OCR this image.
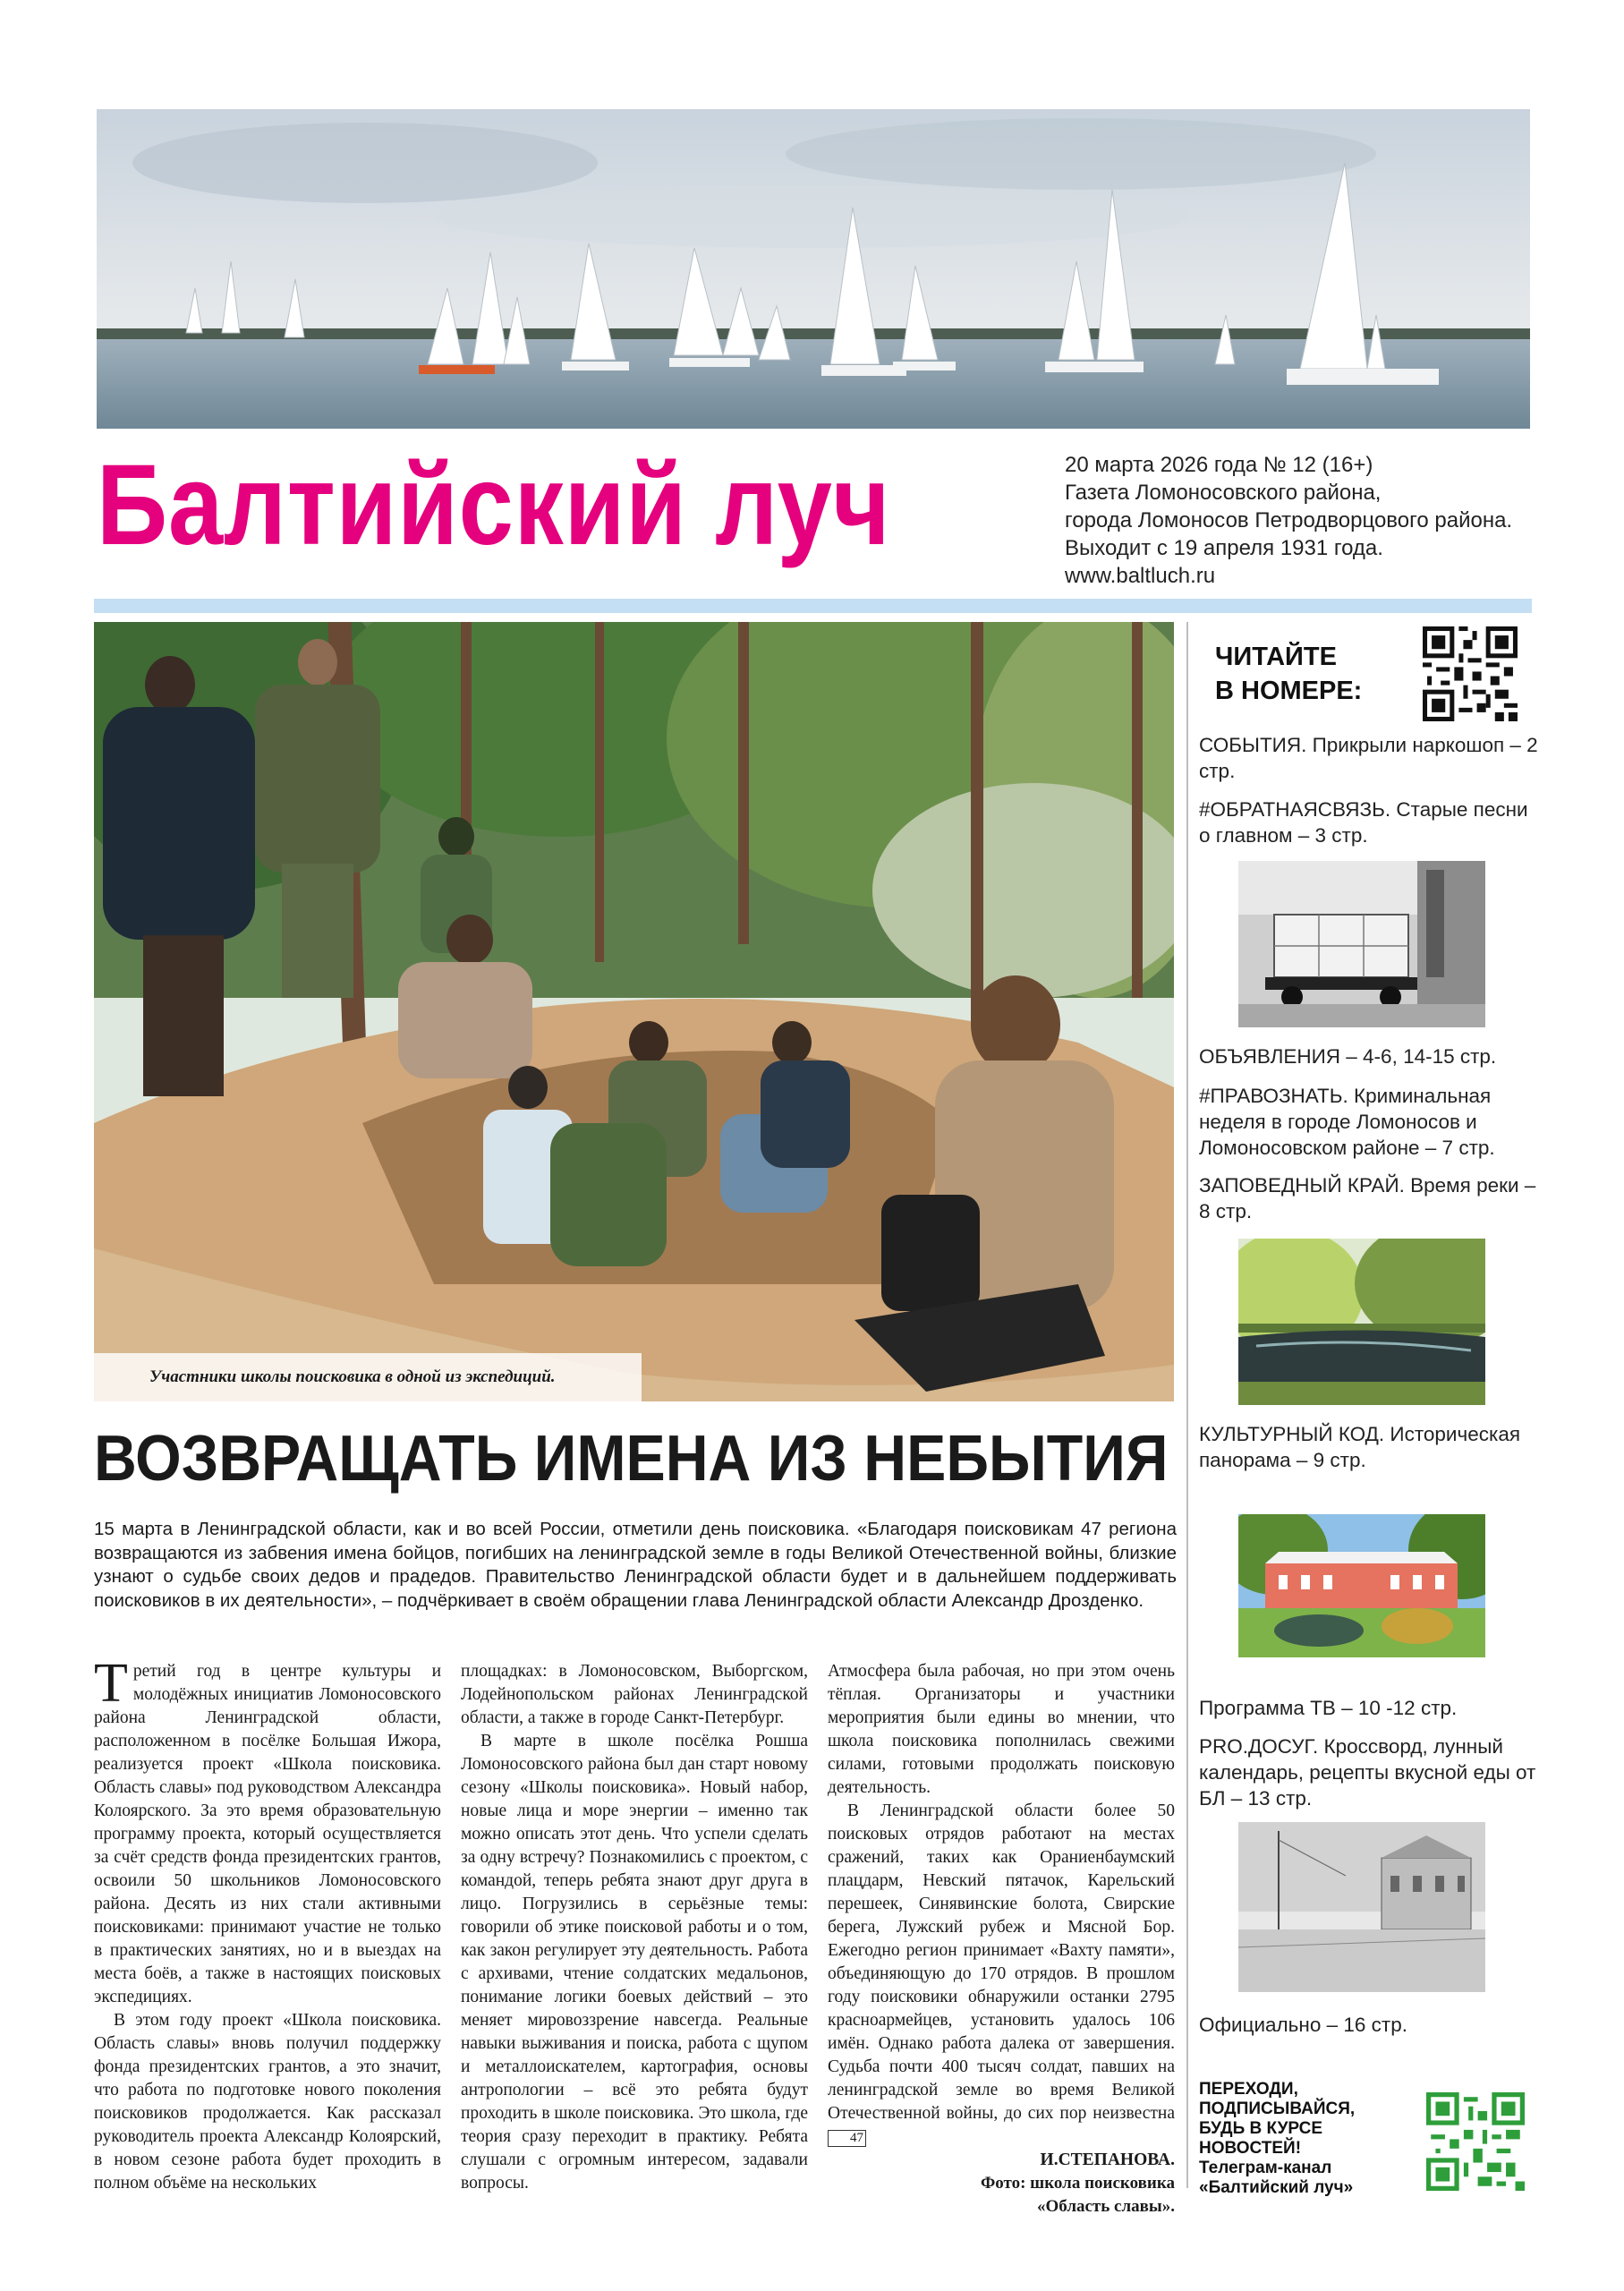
Балтийский луч	20 марта 2026 года № 12 (16+)
Газета Ломоносовского района,
города Ломоносов Петродворцового района.
Выходит с 19 апреля 1931 года. www.baltluch.ru
Участники школы поисковика в одной из экспедиций.
ВОЗВРАЩАТЬ ИМЕНА ИЗ НЕБЫТИЯ
15 марта в Ленинградской области, как и во всей России, отметили день поисковика. «Благодаря поисковикам 47 регионa возвращаются из забвения имена бойцов, погибших на ленинградской земле в годы Великой Отечественной войны, близкие узнают о судьбе своих дедов и прадедов. Правительство Ленинградской области будет и в дальнейшем поддерживать поисковиков в их деятельности», – подчёркивает в своём обращении глава Ленинградской области Александр Дрозденко.

Третий год в центре культуры и молодёжных инициатив Ломоносовского района Ленинградской области, расположенном в посёлке Большая Ижора, реализуется проект «Школа поисковика. Область славы» под руководством Александра Колоярского. За это время образовательную программу проекта, который осуществляется за счёт средств фонда президентских грантов, освоили 50 школьников Ломоносовского района. Десять из них стали активными поисковиками: принимают участие не только в практических занятиях, но и в выездах на места боёв, а также в настоящих поисковых экспедициях.

В этом году проект «Школа поисковика. Область славы» вновь получил поддержку фонда президентских грантов, а это значит, что работа по подготовке нового поколения поисковиков продолжается. Как рассказал руководитель проекта Александр Колоярский, в новом сезоне работа будет проходить в полном объёме на нескольких

площадках: в Ломоносовском, Выборгском, Лодейнопольском районах Ленинградской области, а также в городе Санкт-Петербург.

В марте в школе посёлка Рошша Ломоносовского района был дан старт новому сезону «Школы поисковика». Новый набор, новые лица и море энергии – именно так можно описать этот день. Что успели сделать за одну встречу? Познакомились с проектом, с командой, теперь ребята знают друг друга в лицо. Погрузились в серьёзные темы: говорили об этике поисковой работы и о том, как закон регулирует эту деятельность. Работа с архивами, чтение солдатских медальонов, понимание логики боевых действий – это меняет мировоззрение навсегда. Реальные навыки выживания и поиска, работа с щупом и металлоискателем, картография, основы антропологии – всё это ребята будут проходить в школе поисковика. Это школа, где теория сразу переходит в практику. Ребята слушали с огромным интересом, задавали вопросы.

Атмосфера была рабочая, но при этом очень тёплая. Организаторы и участники мероприятия были едины во мнении, что школа поисковика пополнилась свежими силами, готовыми продолжать поисковую деятельность.

В Ленинградской области более 50 поисковых отрядов работают на местах сражений, таких как Ораниенбаумский плацдарм, Невский пятачок, Карельский перешеек, Синявинские болота, Свирские берега, Лужский рубеж и Мясной Бор. Ежегодно регион принимает «Вахту памяти», объединяющую до 170 отрядов. В прошлом году поисковики обнаружили останки 2795 красноармейцев, установить удалось 106 имён. Однако работа далека от завершения. Судьба почти 400 тысяч солдат, павших на ленинградской земле во время Великой Отечественной войны, до сих пор неизвестна 47

И.СТЕПАНОВА.

Фото: школа поисковика

«Область славы».

ЧИТАЙТЕ
В НОМЕРЕ:
СОБЫТИЯ. Прикрыли наркошоп – 2 стр.
#ОБРАТНАЯСВЯЗЬ. Старые песни о главном – 3 стр.
ОБЪЯВЛЕНИЯ – 4-6, 14-15 стр.
#ПРАВОЗНАТЬ. Криминальная неделя в городе Ломоносов и Ломоносовском районе – 7 стр.
ЗАПОВЕДНЫЙ КРАЙ. Время реки – 8 стр.
КУЛЬТУРНЫЙ КОД. Историческая панорама – 9 стр.
Программа ТВ – 10 -12 стр.
PRO.ДОСУГ. Кроссворд, лунный календарь, рецепты вкусной еды от БЛ – 13 стр.
Официально – 16 стр.
ПЕРЕХОДИ,
ПОДПИСЫВАЙСЯ,
БУДЬ В КУРСЕ
НОВОСТЕЙ!
Телеграм-канал
«Балтийский луч»
